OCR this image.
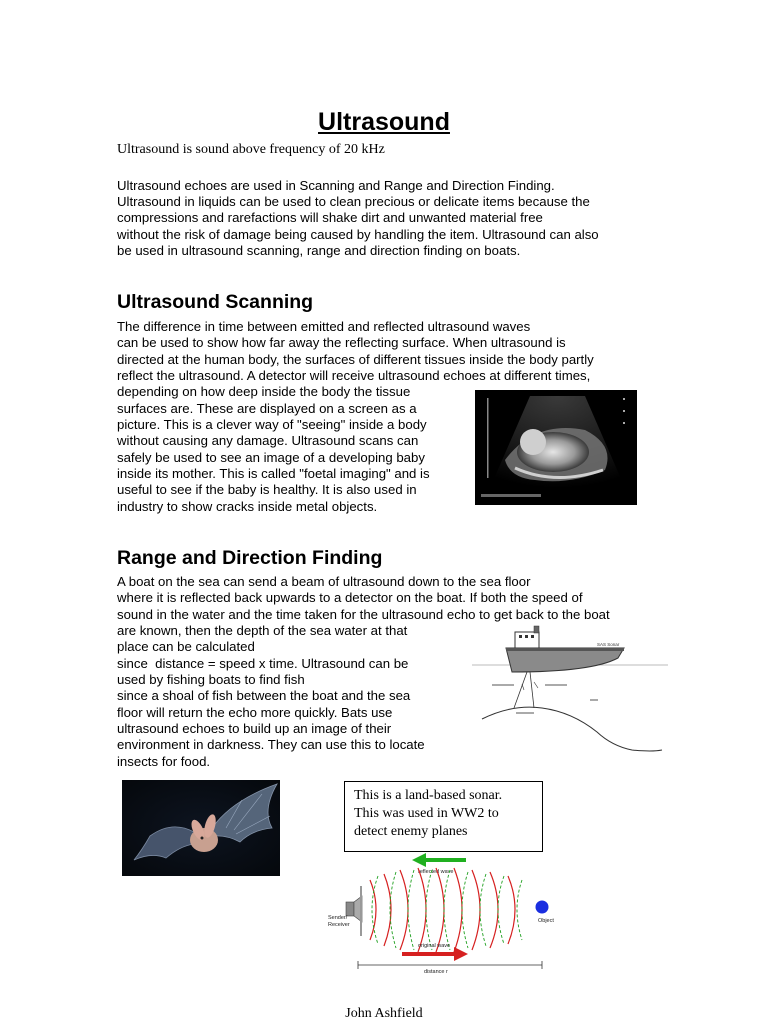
Ultrasound
Ultrasound is sound above frequency of 20 kHz
Ultrasound echoes are used in Scanning and Range and Direction Finding.
Ultrasound in liquids can be used to clean precious or delicate items because the
compressions and rarefactions will shake dirt and unwanted material free
without the risk of damage being caused by handling the item. Ultrasound can also
be used in ultrasound scanning, range and direction finding on boats.
Ultrasound Scanning
The difference in time between emitted and reflected ultrasound waves
can be used to show how far away the reflecting surface. When ultrasound is
directed at the human body, the surfaces of different tissues inside the body partly
reflect the ultrasound. A detector will receive ultrasound echoes at different times,
depending on how deep inside the body the tissue
surfaces are. These are displayed on a screen as a
picture. This is a clever way of "seeing" inside a body
without causing any damage. Ultrasound scans can
safely be used to see an image of a developing baby
inside its mother. This is called "foetal imaging" and is
useful to see if the baby is healthy. It is also used in
industry to show cracks inside metal objects.
Range and Direction Finding
A boat on the sea can send a beam of ultrasound down to the sea floor
where it is reflected back upwards to a detector on the boat. If both the speed of
sound in the water and the time taken for the ultrasound echo to get back to the boat
are known, then the depth of the sea water at that
place can be calculated
since  distance = speed x time. Ultrasound can be
used by fishing boats to find fish
since a shoal of fish between the boat and the sea
floor will return the echo more quickly. Bats use
ultrasound echoes to build up an image of their
environment in darkness. They can use this to locate
insects for food.
SAS Sonar
This is a land-based sonar.
This was used in WW2 to
detect enemy planes
reflected wave
Sender/
Receiver
Object
original wave
distance r
John Ashfield
